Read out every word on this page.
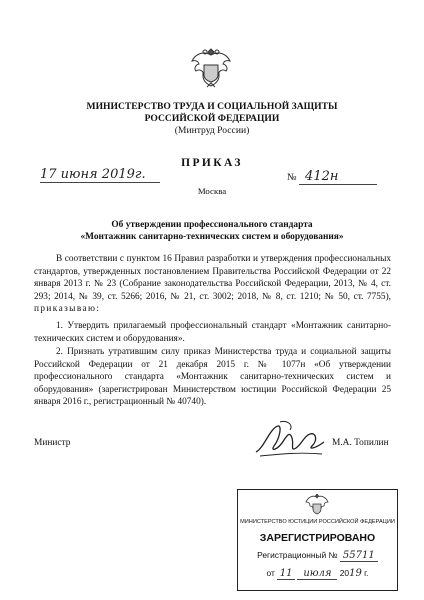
МИНИСТЕРСТВО ТРУДА И СОЦИАЛЬНОЙ ЗАЩИТЫ
РОССИЙСКОЙ ФЕДЕРАЦИИ
(Минтруд России)
ПРИКАЗ
17 июня 2019г.
Москва
№ 412н
Об утверждении профессионального стандарта
«Монтажник санитарно-технических систем и оборудования»
В соответствии с пунктом 16 Правил разработки и утверждения профессиональных стандартов, утвержденных постановлением Правительства Российской Федерации от 22 января 2013 г. № 23 (Собрание законодательства Российской Федерации, 2013, № 4, ст. 293; 2014, № 39, ст. 5266; 2016, № 21, ст. 3002; 2018, № 8, ст. 1210; № 50, ст. 7755), приказываю:
1. Утвердить прилагаемый профессиональный стандарт «Монтажник санитарно-технических систем и оборудования».
2. Признать утратившим силу приказ Министерства труда и социальной защиты Российской Федерации от 21 декабря 2015 г. № 1077н «Об утверждении профессионального стандарта «Монтажник санитарно-технических систем и оборудования» (зарегистрирован Министерством юстиции Российской Федерации 25 января 2016 г., регистрационный № 40740).
Министр	М.А. Топилин
МИНИСТЕРСТВО ЮСТИЦИИ РОССИЙСКОЙ ФЕДЕРАЦИИ
ЗАРЕГИСТРИРОВАНО
Регистрационный № 55711
от 11 июля 2019 г.
